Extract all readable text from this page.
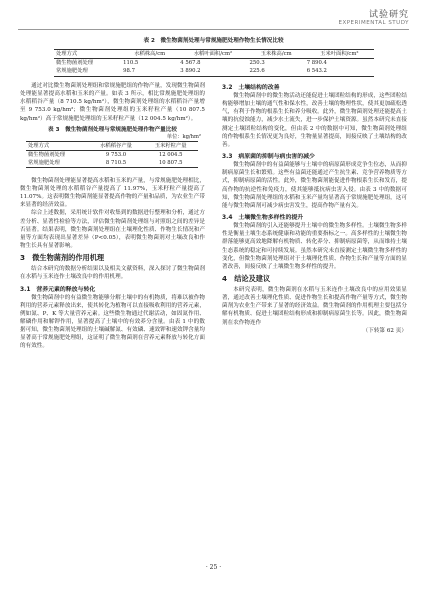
试验研究
EXPERIMENTAL STUDY
表 2　微生物菌剂处理与常规施肥处理作物生长情况比较
处理方式	水稻株高/cm	水稻叶面积/cm²	玉米株高/cm	玉米叶面积/cm²
微生物菌剂处理	110.5	4 567.8	250.3	7 890.4
常规施肥处理	98.7	3 890.2	225.6	6 543.2

通过对比微生物菌剂处理组和常规施肥组的作物产量，发现微生物菌剂处理能显著提高水稻和玉米的产量。如表 3 所示，相比常规施肥处理组的水稻稻谷产量（8 710.5 kg/hm²），微生物菌剂处理组的水稻稻谷产量增至 9 753.0 kg/hm²；微生物菌剂处理组的玉米籽粒产量（10 807.5 kg/hm²）高于常规施肥处理组的玉米籽粒产量（12 004.5 kg/hm²）。

表 3　微生物菌剂处理与常规施肥处理作物产量比较
单位：kg/hm²
处理方式	水稻稻谷产量	玉米籽粒产量
微生物菌剂处理	9 753.0	12 004.5
常规施肥处理	8 710.5	10 807.5

微生物菌剂处理能显著提高水稻和玉米的产量，与常规施肥处理相比，微生物菌剂处理的水稻稻谷产量提高了 11.97%，玉米籽粒产量提高了 11.07%。这表明微生物菌剂能显著提高作物的产量和品质，为农业生产带来显著的经济效益。

综合上述数据，采用统计软件对收集到的数据进行整理和分析，通过方差分析、显著性检验等方法，评估微生物菌剂处理组与对照组之间的差异是否显著。结果表明，微生物菌剂处理组在土壤理化性质、作物生长情况和产量等方面均表现出显著差异（P<0.05），表明微生物菌剂对土壤改良和作物生长具有显著影响。

3　微生物菌剂的作用机理

结合本研究的数据分析结果以及相关文献资料，深入探讨了微生物菌剂在水稻与玉米连作土壤改良中的作用机理。

3.1　营养元素的释放与转化

微生物菌剂中的有益微生物能够分解土壤中的有机物质，将难以被作物利用的营养元素释放出来，使其转化为植物可以直接吸收利用的营养元素，例如氮、P、K 等大量营养元素。这些微生物通过代谢活动，如固氮作用、解磷作用和解钾作用，显著提高了土壤中的有效养分含量。由表 1 中的数据可知，微生物菌剂处理组的土壤碱解氮、有效磷、速效钾和速效钾含量均显著高于常规施肥处理组，这证明了微生物菌剂在营养元素释放与转化方面的有效性。

3.2　土壤结构的改善

微生物菌剂中的微生物活动还能促进土壤团粒结构的形成，这些团粒结构能够增加土壤的通气性和保水性，改善土壤的物理性状，使其更加疏松透气，有利于作物的根系生长和养分吸收。此外，微生物菌剂处理还能提高土壤的抗侵蚀能力，减少水土流失，进一步保护土壤资源。虽然本研究未直接测定土壤团粒结构的变化，但由表 2 中的数据中可知，微生物菌剂处理组的作物根系生长情况更为良好，生物量显著提高，间接反映了土壤结构的改善。

3.3　病原菌的抑制与病虫害的减少

微生物菌剂中的有益菌能够与土壤中的病原菌形成竞争生位态，从而抑制病原菌生长和繁殖。这些有益菌还能通过产生抗生素、竞争营养物质等方式，抑制病原菌的活性。此外，微生物菌剂能促进作物根系生长和发育，提高作物的抗逆性和免疫力，使其能够抵抗病虫害入侵。由表 3 中的数据可知，微生物菌剂处理组的水稻和玉米产量均显著高于常规施肥处理组，这可能与微生物菌剂可减少病虫害发生，提高作物产量有关。

3.4　土壤微生物多样性的提升

微生物菌剂的引入还能够提升土壤中的微生物多样性。土壤微生物多样性是衡量土壤生态系统健康和功能的重要指标之一。高多样性的土壤微生物群落能够更高效地降解有机物质、转化养分、抑制病原菌等，从而维持土壤生态系统的稳定和可持续发展。虽然本研究未直接测定土壤微生物多样性的变化，但微生物菌剂处理组对于土壤理化性质、作物生长和产量等方面的显著改善，间接反映了土壤微生物多样性的提升。

4　结论及建议

本研究表明，微生物菌剂在水稻与玉米连作土壤改良中的应用效果显著，通过改善土壤理化性质、促进作物生长和提高作物产量等方式，微生物菌剂为农业生产带来了显著的经济效益。微生物菌剂的作用机理主要包括分解有机物质、促进土壤团粒结构形成和抑制病原菌生长等。因此，微生物菌剂在农作物连作

（下转第 62 页）
· 25 ·
